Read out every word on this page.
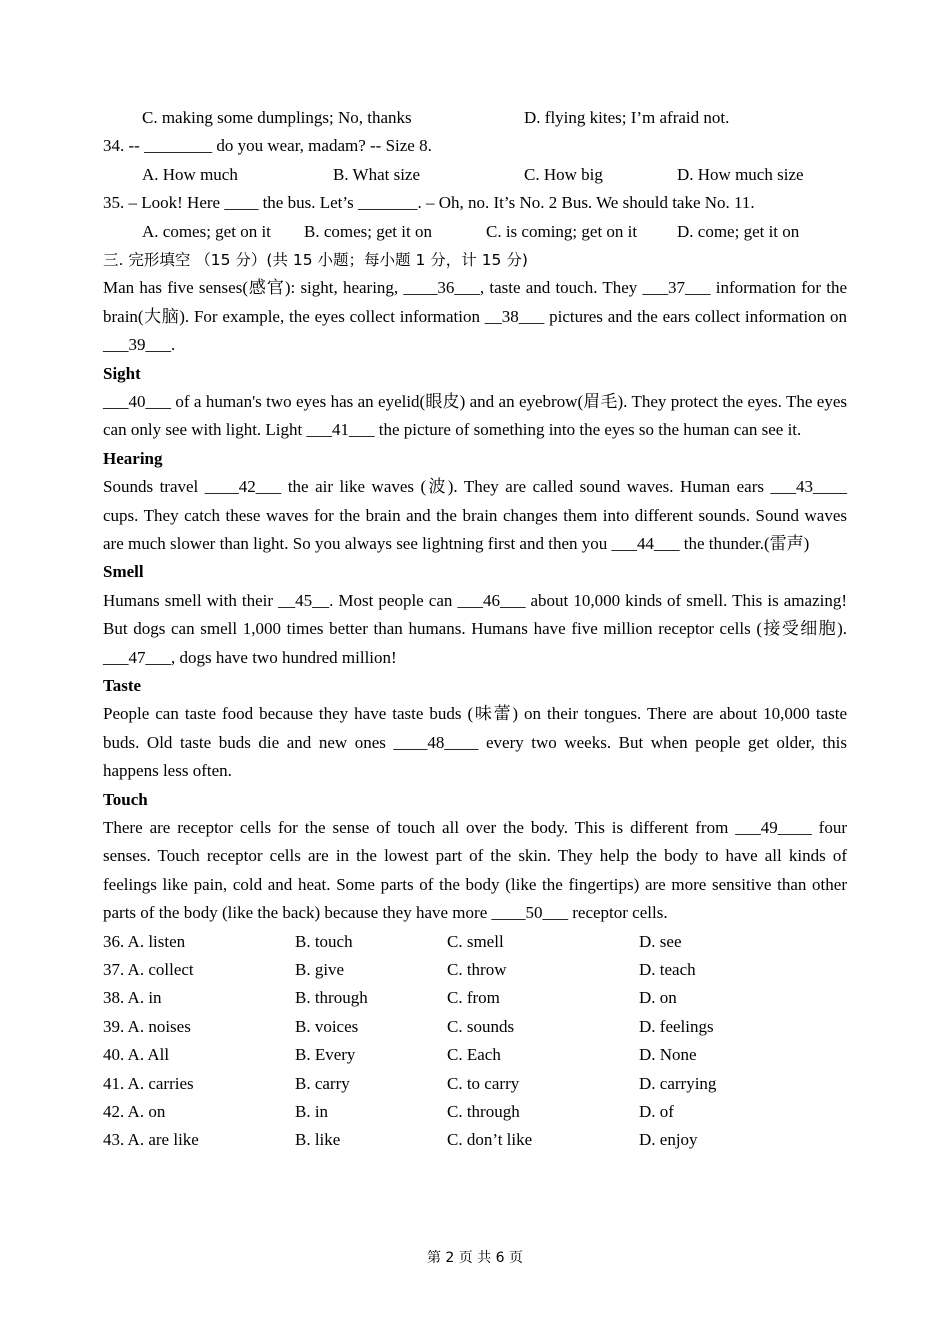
C. making some dumplings; No, thanks	D. flying kites; I’m afraid not.
34. -- ________ do you wear, madam? -- Size 8.
A. How much	B. What size	C. How big	D. How much size
35. – Look! Here ____ the bus. Let’s _______. – Oh, no. It’s No. 2 Bus. We should take No. 11.
A. comes; get on it	B. comes; get it on	C. is coming; get on it	D. come; get it on
三. 完形填空 （15 分）(共 15 小题；每小题 1 分，计 15 分)
Man has five senses(感官): sight, hearing, ____36___, taste and touch. They ___37___ information for the brain(大脑). For example, the eyes collect information __38___ pictures and the ears collect information on ___39___.
Sight
___40___ of a human's two eyes has an eyelid(眼皮) and an eyebrow(眉毛). They protect the eyes. The eyes can only see with light. Light ___41___ the picture of something into the eyes so the human can see it.
Hearing
Sounds travel ____42___ the air like waves (波). They are called sound waves. Human ears ___43____ cups. They catch these waves for the brain and the brain changes them into different sounds. Sound waves are much slower than light. So you always see lightning first and then you ___44___ the thunder.(雷声)
Smell
Humans smell with their __45__. Most people can ___46___ about 10,000 kinds of smell. This is amazing! But dogs can smell 1,000 times better than humans. Humans have five million receptor cells (接受细胞). ___47___, dogs have two hundred million!
Taste
People can taste food because they have taste buds (味蕾) on their tongues. There are about 10,000 taste buds. Old taste buds die and new ones ____48____ every two weeks. But when people get older, this happens less often.
Touch
There are receptor cells for the sense of touch all over the body. This is different from ___49____ four senses. Touch receptor cells are in the lowest part of the skin. They help the body to have all kinds of feelings like pain, cold and heat. Some parts of the body (like the fingertips) are more sensitive than other parts of the body (like the back) because they have more ____50___ receptor cells.
36. A. listen	B. touch	C. smell	D. see
37. A. collect	B. give	C. throw	D. teach
38. A. in	B. through	C. from	D. on
39. A. noises	B. voices	C. sounds	D. feelings
40. A. All	B. Every	C. Each	D. None
41. A. carries	B. carry	C. to carry	D. carrying
42. A. on	B. in	C. through	D. of
43. A. are like	B. like	C. don’t like	D. enjoy
第 2 页 共 6 页
